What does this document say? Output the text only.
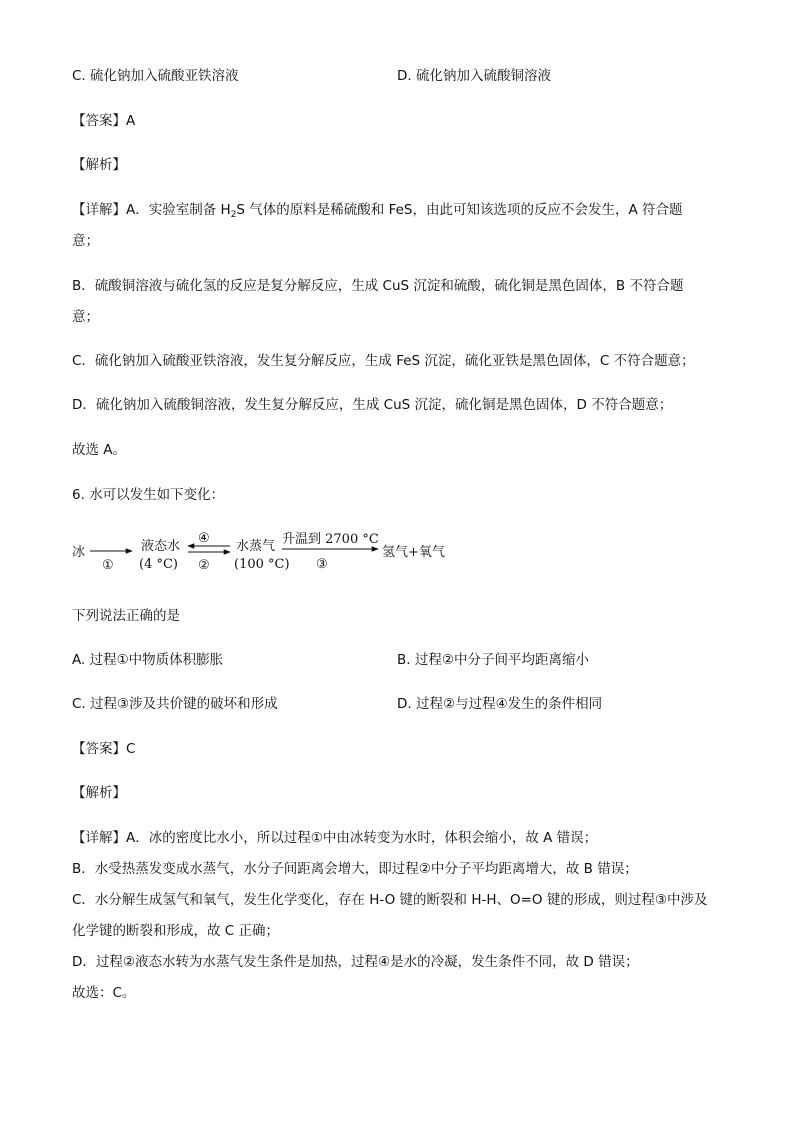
C. 硫化钠加入硫酸亚铁溶液	D. 硫化钠加入硫酸铜溶液
【答案】A
【解析】
【详解】A．实验室制备 $H_2S$ 气体的原料是稀硫酸和 FeS，由此可知该选项的反应不会发生，A 符合题
意；
B．硫酸铜溶液与硫化氢的反应是复分解反应，生成 CuS 沉淀和硫酸，硫化铜是黑色固体，B 不符合题
意；
C．硫化钠加入硫酸亚铁溶液，发生复分解反应，生成 FeS 沉淀，硫化亚铁是黑色固体，C 不符合题意；
D．硫化钠加入硫酸铜溶液，发生复分解反应，生成 CuS 沉淀，硫化铜是黑色固体，D 不符合题意；
故选 A。
6. 水可以发生如下变化：
冰
①
液态水
(4 °C)
④
②
水蒸气
(100 °C)
升温到 2700 °C
③
氢气+氧气
下列说法正确的是
A. 过程①中物质体积膨胀	B. 过程②中分子间平均距离缩小
C. 过程③涉及共价键的破坏和形成	D. 过程②与过程④发生的条件相同
【答案】C
【解析】
【详解】A．冰的密度比水小，所以过程①中由冰转变为水时，体积会缩小，故 A 错误；
B．水受热蒸发变成水蒸气，水分子间距离会增大，即过程②中分子平均距离增大，故 B 错误；
C．水分解生成氢气和氧气，发生化学变化，存在 H-O 键的断裂和 H-H、O=O 键的形成，则过程③中涉及
化学键的断裂和形成，故 C 正确；
D．过程②液态水转为水蒸气发生条件是加热，过程④是水的冷凝，发生条件不同，故 D 错误；
故选：C。
